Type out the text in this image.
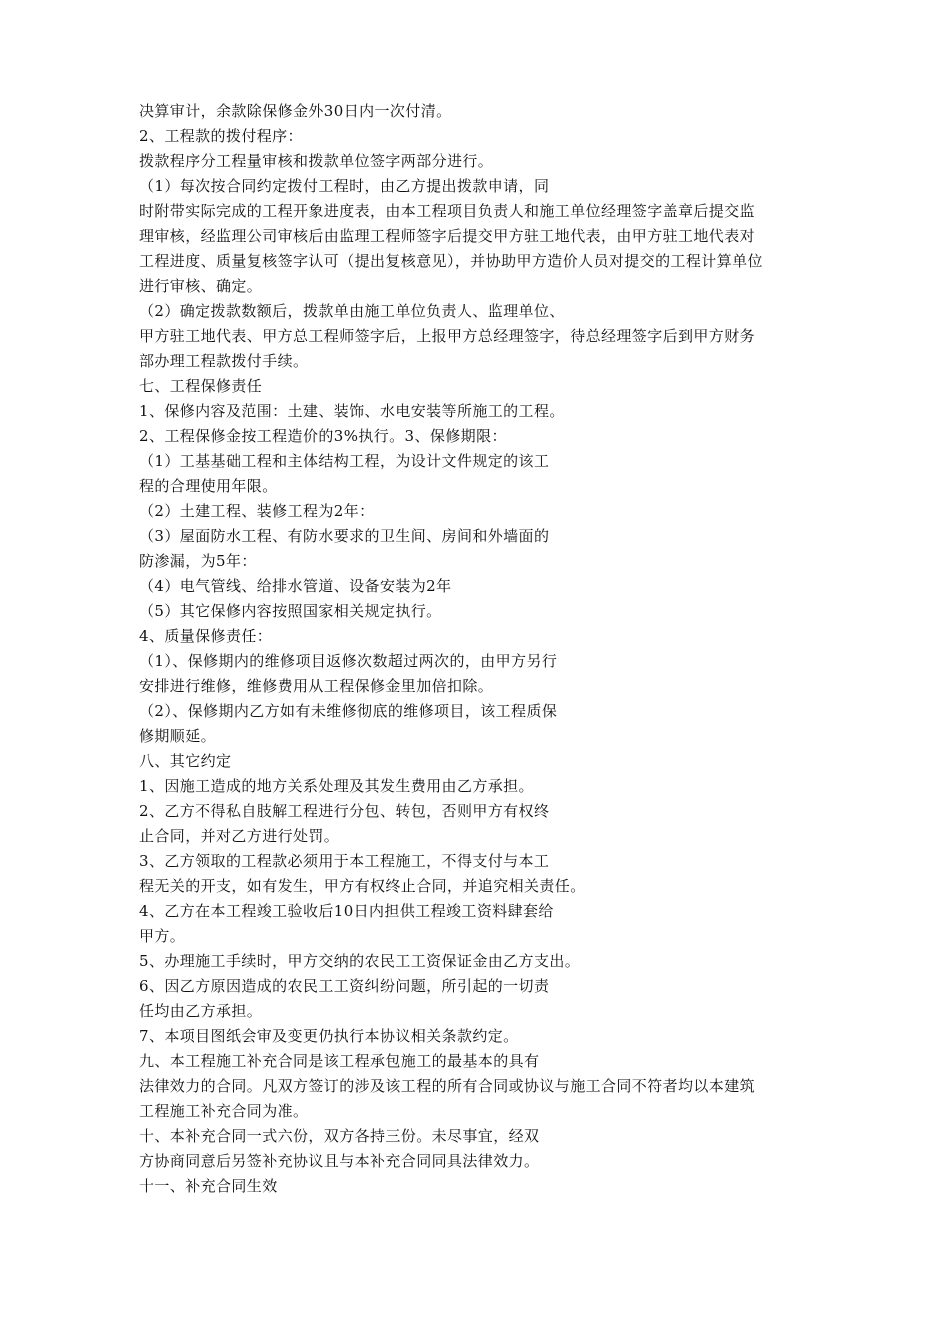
决算审计，余款除保修金外30日内一次付清。
2、工程款的拨付程序：
拨款程序分工程量审核和拨款单位签字两部分进行。
（1）每次按合同约定拨付工程时，由乙方提出拨款申请，同
时附带实际完成的工程开象进度表，由本工程项目负责人和施工单位经理签字盖章后提交监
理审核，经监理公司审核后由监理工程师签字后提交甲方驻工地代表，由甲方驻工地代表对
工程进度、质量复核签字认可（提出复核意见），并协助甲方造价人员对提交的工程计算单位
进行审核、确定。
（2）确定拨款数额后，拨款单由施工单位负责人、监理单位、
甲方驻工地代表、甲方总工程师签字后，上报甲方总经理签字，待总经理签字后到甲方财务
部办理工程款拨付手续。
七、工程保修责任
1、保修内容及范围：土建、装饰、水电安装等所施工的工程。
2、工程保修金按工程造价的3%执行。3、保修期限：
（1）工基基础工程和主体结构工程，为设计文件规定的该工
程的合理使用年限。
（2）土建工程、装修工程为2年：
（3）屋面防水工程、有防水要求的卫生间、房间和外墙面的
防渗漏，为5年：
（4）电气管线、给排水管道、设备安装为2年
（5）其它保修内容按照国家相关规定执行。
4、质量保修责任：
（1）、保修期内的维修项目返修次数超过两次的，由甲方另行
安排进行维修，维修费用从工程保修金里加倍扣除。
（2）、保修期内乙方如有未维修彻底的维修项目，该工程质保
修期顺延。
八、其它约定
1、因施工造成的地方关系处理及其发生费用由乙方承担。
2、乙方不得私自肢解工程进行分包、转包，否则甲方有权终
止合同，并对乙方进行处罚。
3、乙方领取的工程款必须用于本工程施工，不得支付与本工
程无关的开支，如有发生，甲方有权终止合同，并追究相关责任。
4、乙方在本工程竣工验收后10日内担供工程竣工资料肆套给
甲方。
5、办理施工手续时，甲方交纳的农民工工资保证金由乙方支出。
6、因乙方原因造成的农民工工资纠纷问题，所引起的一切责
任均由乙方承担。
7、本项目图纸会审及变更仍执行本协议相关条款约定。
九、本工程施工补充合同是该工程承包施工的最基本的具有
法律效力的合同。凡双方签订的涉及该工程的所有合同或协议与施工合同不符者均以本建筑
工程施工补充合同为准。
十、本补充合同一式六份，双方各持三份。未尽事宜，经双
方协商同意后另签补充协议且与本补充合同同具法律效力。
十一、补充合同生效
